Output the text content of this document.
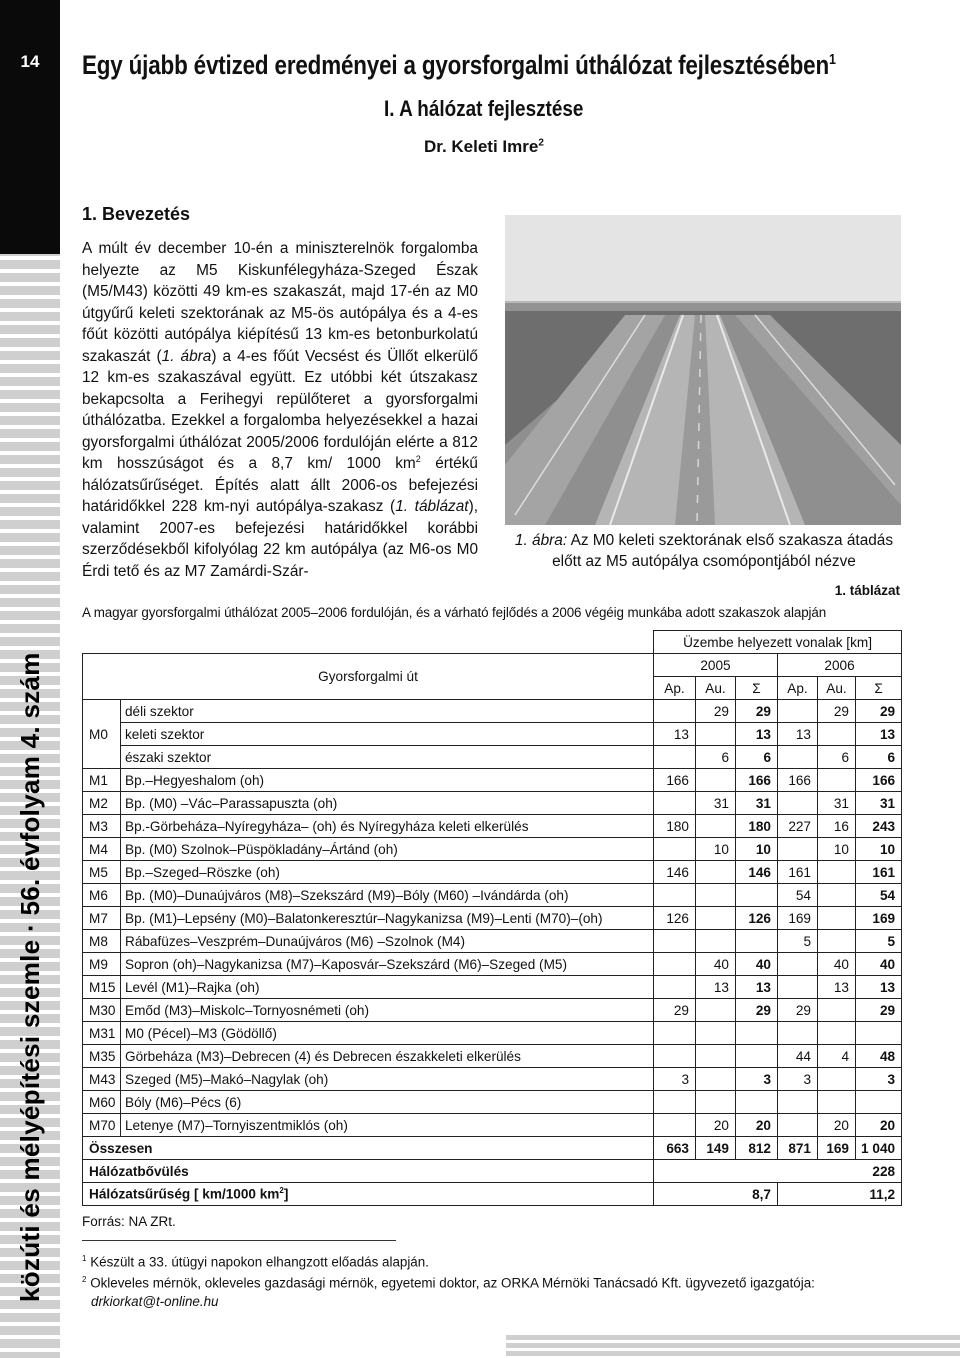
14
közúti és mélyépítési szemle · 56. évfolyam 4. szám
Egy újabb évtized eredményei a gyorsforgalmi úthálózat fejlesztésében$^1$
I. A hálózat fejlesztése
Dr. Keleti Imre$^2$
1. Bevezetés

A múlt év december 10-én a miniszterelnök forgalomba helyezte az M5 Kiskunfélegyháza-Szeged Észak (M5/M43) közötti 49 km-es szakaszát, majd 17-én az M0 útgyűrű keleti szektorának az M5-ös autópálya és a 4-es főút közötti autópálya kiépítésű 13 km-es betonburkolatú szakaszát (1. ábra) a 4-es főút Vecsést és Üllőt elkerülő 12 km-es szakaszával együtt. Ez utóbbi két útszakasz bekapcsolta a Ferihegyi repülőteret a gyorsforgalmi úthálózatba. Ezekkel a forgalomba helyezésekkel a hazai gyorsforgalmi úthálózat 2005/2006 fordulóján elérte a 812 km hosszúságot és a 8,7 km/ 1000 $km^2$ értékű hálózatsűrűséget. Építés alatt állt 2006-os befejezési határidőkkel 228 km-nyi autópálya-szakasz (1. táblázat), valamint 2007-es befejezési határidőkkel korábbi szerződésekből kifolyólag 22 km autópálya (az M6-os M0 Érdi tető és az M7 Zamárdi-Szár-

1. ábra: Az M0 keleti szektorának első szakasza átadás előtt az M5 autópálya csomópontjából nézve
1. táblázat
A magyar gyorsforgalmi úthálózat 2005–2006 fordulóján, és a várható fejlődés a 2006 végéig munkába adott szakaszok alapján
		Üzembe helyezett vonalak [km]					
Gyorsforgalmi út		2005			2006		
		Ap.	Au.	Σ	Ap.	Au.	Σ
M0	déli szektor		29	29		29	29
	keleti szektor	13		13	13		13
	északi szektor		6	6		6	6
M1	Bp.–Hegyeshalom (oh)	166		166	166		166
M2	Bp. (M0) –Vác–Parassapuszta (oh)		31	31		31	31
M3	Bp.-Görbeháza–Nyíregyháza– (oh) és Nyíregyháza keleti elkerülés	180		180	227	16	243
M4	Bp. (M0) Szolnok–Püspökladány–Ártánd (oh)		10	10		10	10
M5	Bp.–Szeged–Röszke (oh)	146		146	161		161
M6	Bp. (M0)–Dunaújváros (M8)–Szekszárd (M9)–Bóly (M60) –Ivándárda (oh)				54		54
M7	Bp. (M1)–Lepsény (M0)–Balatonkeresztúr–Nagykanizsa (M9)–Lenti (M70)–(oh)	126		126	169		169
M8	Rábafüzes–Veszprém–Dunaújváros (M6) –Szolnok (M4)				5		5
M9	Sopron (oh)–Nagykanizsa (M7)–Kaposvár–Szekszárd (M6)–Szeged (M5)		40	40		40	40
M15	Levél (M1)–Rajka (oh)		13	13		13	13
M30	Emőd (M3)–Miskolc–Tornyosnémeti (oh)	29		29	29		29
M31	M0 (Pécel)–M3 (Gödöllő)						
M35	Görbeháza (M3)–Debrecen (4) és Debrecen északkeleti elkerülés				44	4	48
M43	Szeged (M5)–Makó–Nagylak (oh)	3		3	3		3
M60	Bóly (M6)–Pécs (6)						
M70	Letenye (M7)–Tornyiszentmiklós (oh)		20	20		20	20
Összesen		663	149	812	871	169	1 040
Hálózatbővülés		228					
Hálózatsűrűség [ km/1000 $km^2$]		8,7			11,2		
Forrás: NA ZRt.
$^1$ Készült a 33. útügyi napokon elhangzott előadás alapján.
$^2$ Okleveles mérnök, okleveles gazdasági mérnök, egyetemi doktor, az ORKA Mérnöki Tanácsadó Kft. ügyvezető igazgatója:
drkiorkat@t-online.hu
